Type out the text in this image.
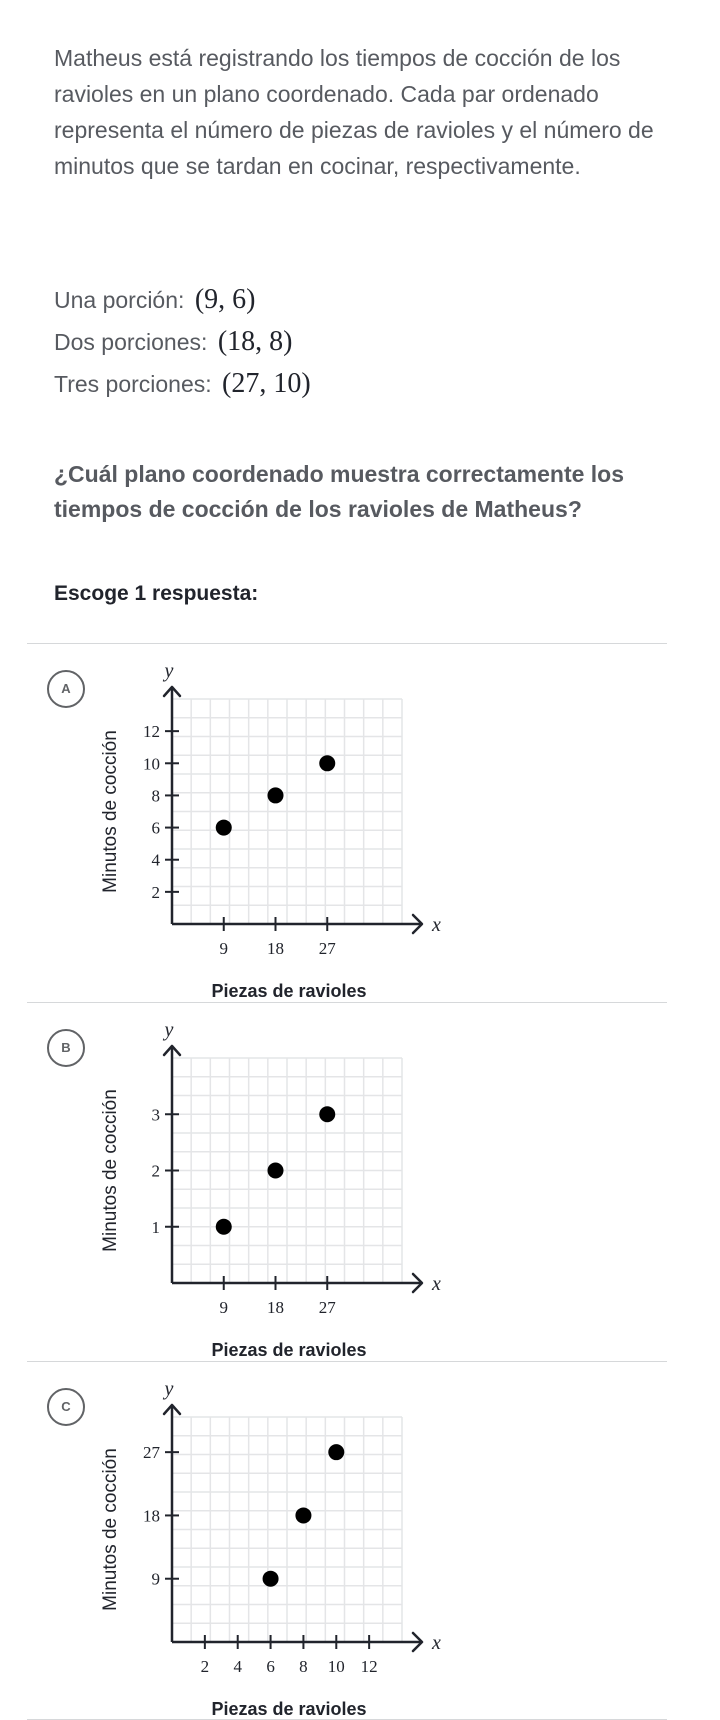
Matheus está registrando los tiempos de cocción de los ravioles en un plano coordenado. Cada par ordenado representa el número de piezas de ravioles y el número de minutos que se tardan en cocinar, respectivamente.
Una porción: (9, 6)
Dos porciones: (18, 8)
Tres porciones: (27, 10)
¿Cuál plano coordenado muestra correctamente los tiempos de cocción de los ravioles de Matheus?
Escoge 1 respuesta:
A
y
x
9 18 27
2
4
6
8
10
12
Minutos de cocción
Piezas de ravioles
B
y
x
9 18 27
1
2
3
Minutos de cocción
Piezas de ravioles
C
y
x
2 4 6 8 10 12
9
18
27
Minutos de cocción
Piezas de ravioles
